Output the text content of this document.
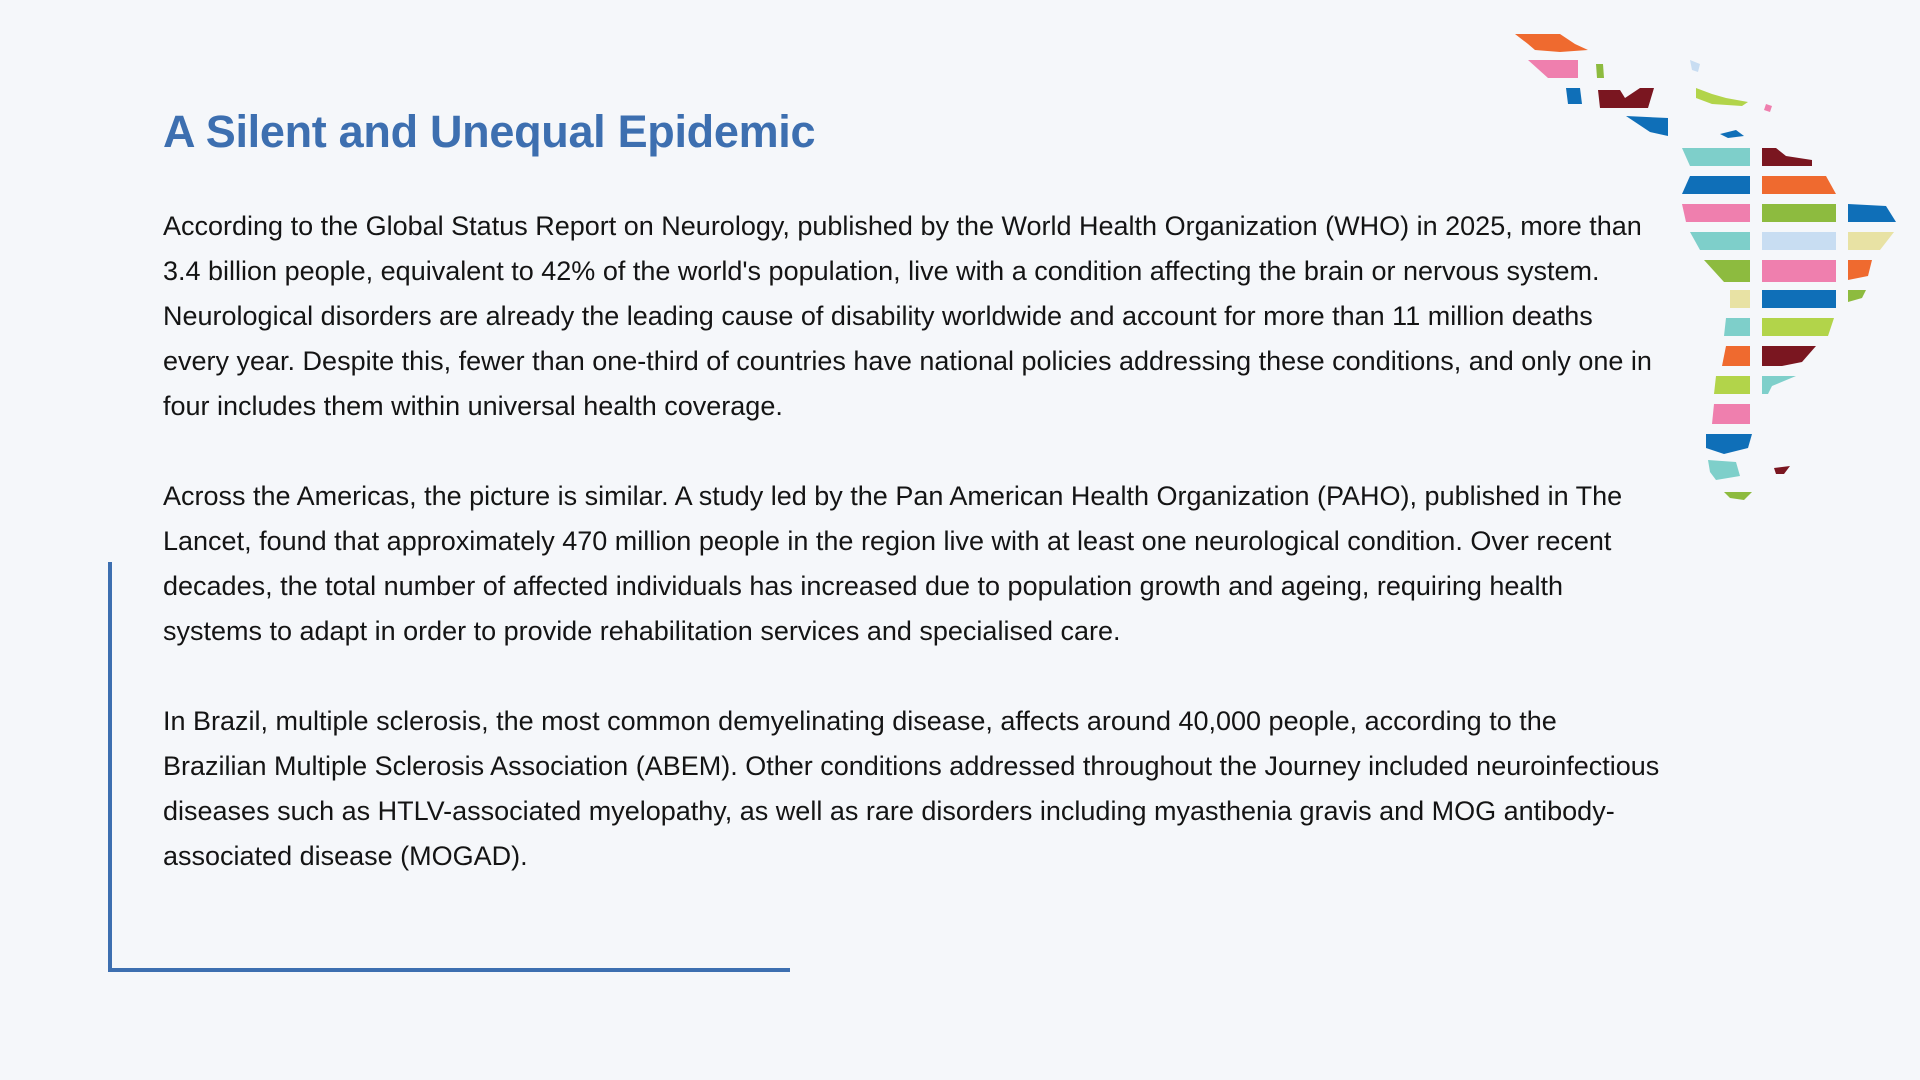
A Silent and Unequal Epidemic

According to the Global Status Report on Neurology, published by the World Health Organization (WHO) in 2025, more than 3.4 billion people, equivalent to 42% of the world's population, live with a condition affecting the brain or nervous system. Neurological disorders are already the leading cause of disability worldwide and account for more than 11 million deaths every year. Despite this, fewer than one-third of countries have national policies addressing these conditions, and only one in four includes them within universal health coverage.

Across the Americas, the picture is similar. A study led by the Pan American Health Organization (PAHO), published in The Lancet, found that approximately 470 million people in the region live with at least one neurological condition. Over recent decades, the total number of affected individuals has increased due to population growth and ageing, requiring health systems to adapt in order to provide rehabilitation services and specialised care.

In Brazil, multiple sclerosis, the most common demyelinating disease, affects around 40,000 people, according to the Brazilian Multiple Sclerosis Association (ABEM). Other conditions addressed throughout the Journey included neuroinfectious diseases such as HTLV-associated myelopathy, as well as rare disorders including myasthenia gravis and MOG antibody-associated disease (MOGAD).
